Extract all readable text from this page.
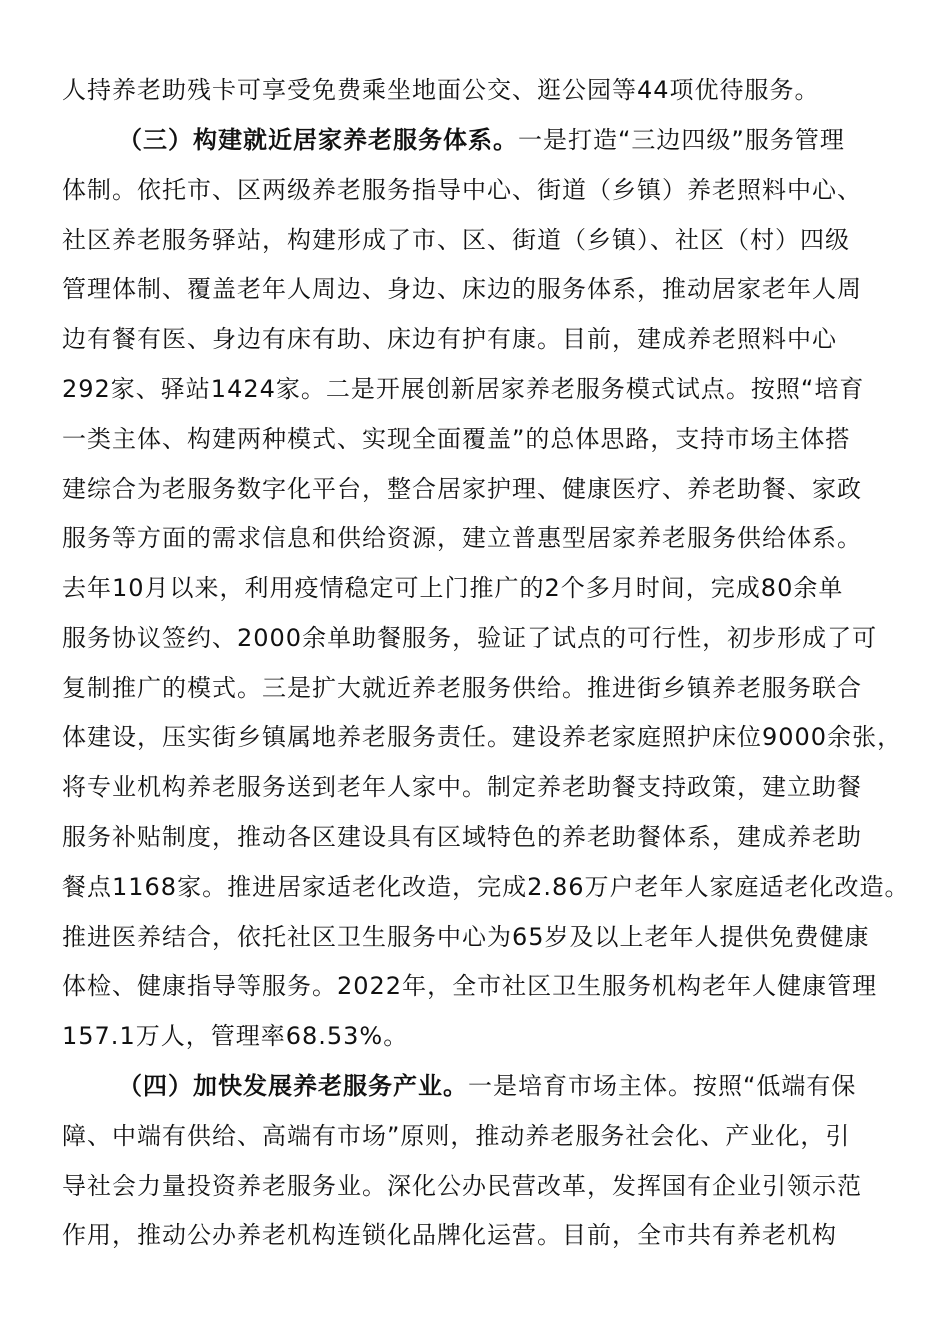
人持养老助残卡可享受免费乘坐地面公交、逛公园等44项优待服务。
（三）构建就近居家养老服务体系。一是打造“三边四级”服务管理
体制。依托市、区两级养老服务指导中心、街道（乡镇）养老照料中心、
社区养老服务驿站，构建形成了市、区、街道（乡镇）、社区（村）四级
管理体制、覆盖老年人周边、身边、床边的服务体系，推动居家老年人周
边有餐有医、身边有床有助、床边有护有康。目前，建成养老照料中心
292家、驿站1424家。二是开展创新居家养老服务模式试点。按照“培育
一类主体、构建两种模式、实现全面覆盖”的总体思路，支持市场主体搭
建综合为老服务数字化平台，整合居家护理、健康医疗、养老助餐、家政
服务等方面的需求信息和供给资源，建立普惠型居家养老服务供给体系。
去年10月以来，利用疫情稳定可上门推广的2个多月时间，完成80余单
服务协议签约、2000余单助餐服务，验证了试点的可行性，初步形成了可
复制推广的模式。三是扩大就近养老服务供给。推进街乡镇养老服务联合
体建设，压实街乡镇属地养老服务责任。建设养老家庭照护床位9000余张，
将专业机构养老服务送到老年人家中。制定养老助餐支持政策，建立助餐
服务补贴制度，推动各区建设具有区域特色的养老助餐体系，建成养老助
餐点1168家。推进居家适老化改造，完成2.86万户老年人家庭适老化改造。
推进医养结合，依托社区卫生服务中心为65岁及以上老年人提供免费健康
体检、健康指导等服务。2022年，全市社区卫生服务机构老年人健康管理
157.1万人，管理率68.53%。
（四）加快发展养老服务产业。一是培育市场主体。按照“低端有保
障、中端有供给、高端有市场”原则，推动养老服务社会化、产业化，引
导社会力量投资养老服务业。深化公办民营改革，发挥国有企业引领示范
作用，推动公办养老机构连锁化品牌化运营。目前，全市共有养老机构
